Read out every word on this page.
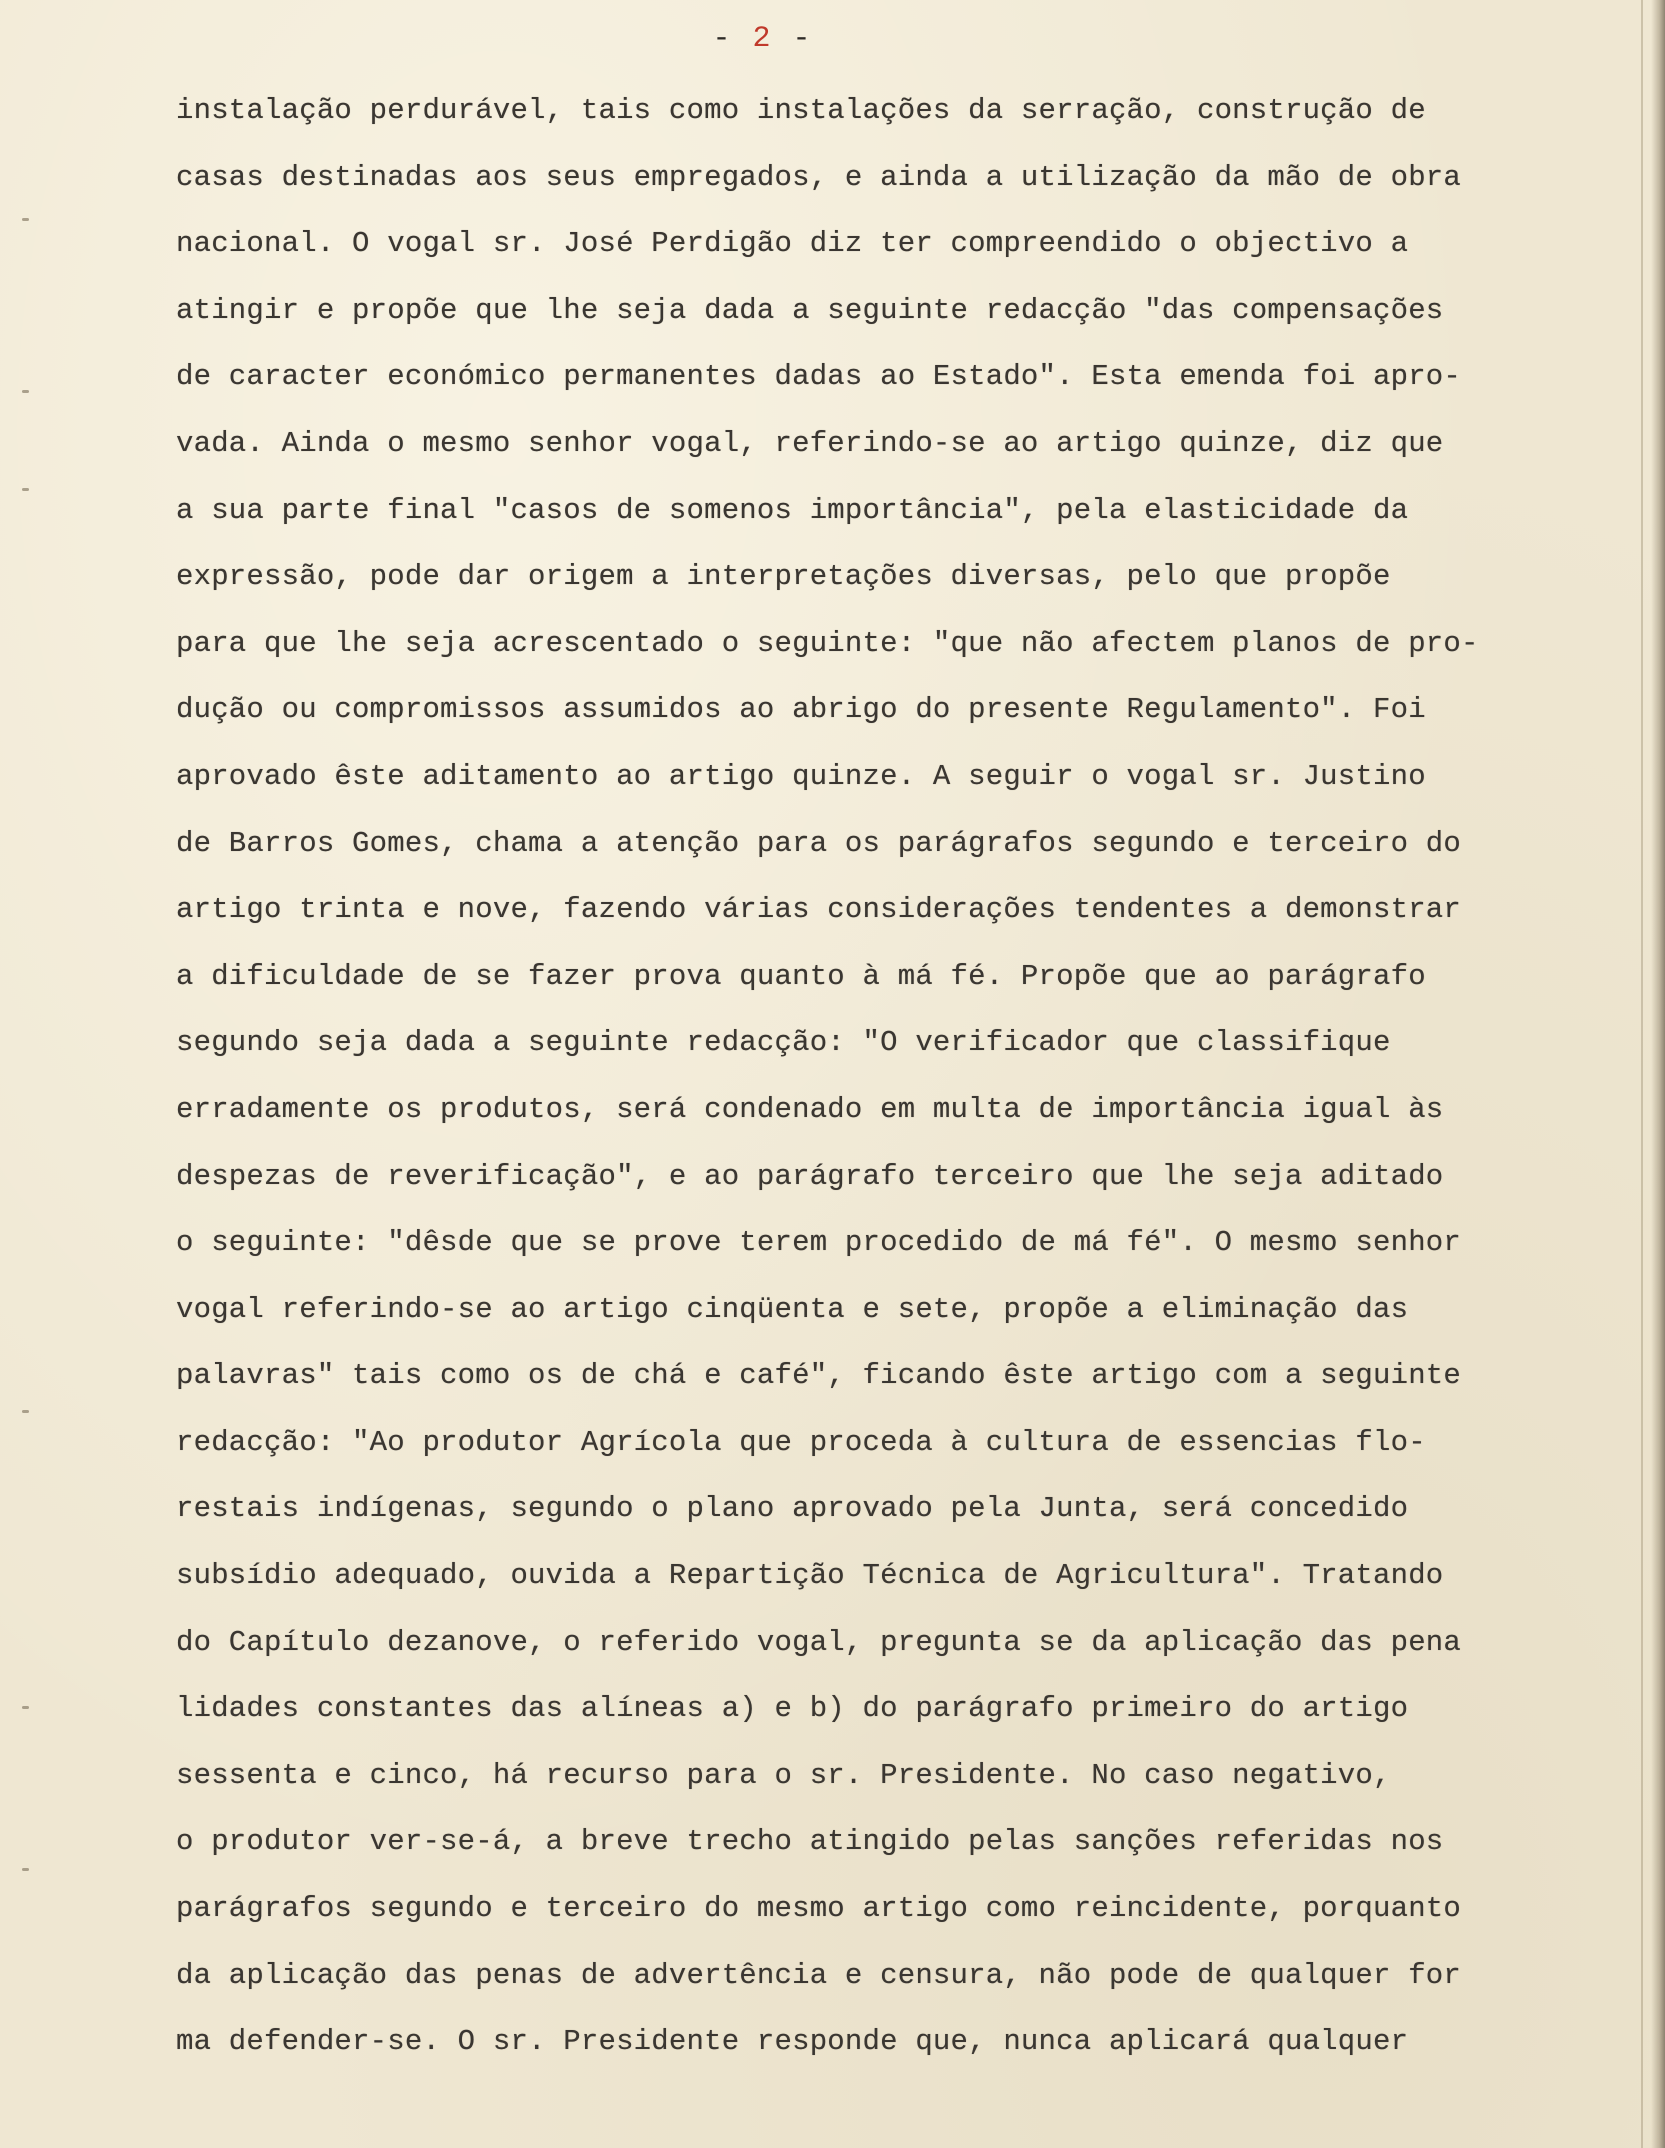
- 2 -
instalação perdurável, tais como instalações da serração, construção de
casas destinadas aos seus empregados, e ainda a utilização da mão de obra
nacional. O vogal sr. José Perdigão diz ter compreendido o objectivo a
atingir e propõe que lhe seja dada a seguinte redacção "das compensações
de caracter económico permanentes dadas ao Estado". Esta emenda foi apro-
vada. Ainda o mesmo senhor vogal, referindo-se ao artigo quinze, diz que
a sua parte final "casos de somenos importância", pela elasticidade da
expressão, pode dar origem a interpretações diversas, pelo que propõe
para que lhe seja acrescentado o seguinte: "que não afectem planos de pro-
dução ou compromissos assumidos ao abrigo do presente Regulamento". Foi
aprovado êste aditamento ao artigo quinze. A seguir o vogal sr. Justino
de Barros Gomes, chama a atenção para os parágrafos segundo e terceiro do
artigo trinta e nove, fazendo várias considerações tendentes a demonstrar
a dificuldade de se fazer prova quanto à má fé. Propõe que ao parágrafo
segundo seja dada a seguinte redacção: "O verificador que classifique
erradamente os produtos, será condenado em multa de importância igual às
despezas de reverificação", e ao parágrafo terceiro que lhe seja aditado
o seguinte: "dêsde que se prove terem procedido de má fé". O mesmo senhor
vogal referindo-se ao artigo cinqüenta e sete, propõe a eliminação das
palavras" tais como os de chá e café", ficando êste artigo com a seguinte
redacção: "Ao produtor Agrícola que proceda à cultura de essencias flo-
restais indígenas, segundo o plano aprovado pela Junta, será concedido
subsídio adequado, ouvida a Repartição Técnica de Agricultura". Tratando
do Capítulo dezanove, o referido vogal, pregunta se da aplicação das pena
lidades constantes das alíneas a) e b) do parágrafo primeiro do artigo
sessenta e cinco, há recurso para o sr. Presidente. No caso negativo,
o produtor ver-se-á, a breve trecho atingido pelas sanções referidas nos
parágrafos segundo e terceiro do mesmo artigo como reincidente, porquanto
da aplicação das penas de advertência e censura, não pode de qualquer for
ma defender-se. O sr. Presidente responde que, nunca aplicará qualquer
